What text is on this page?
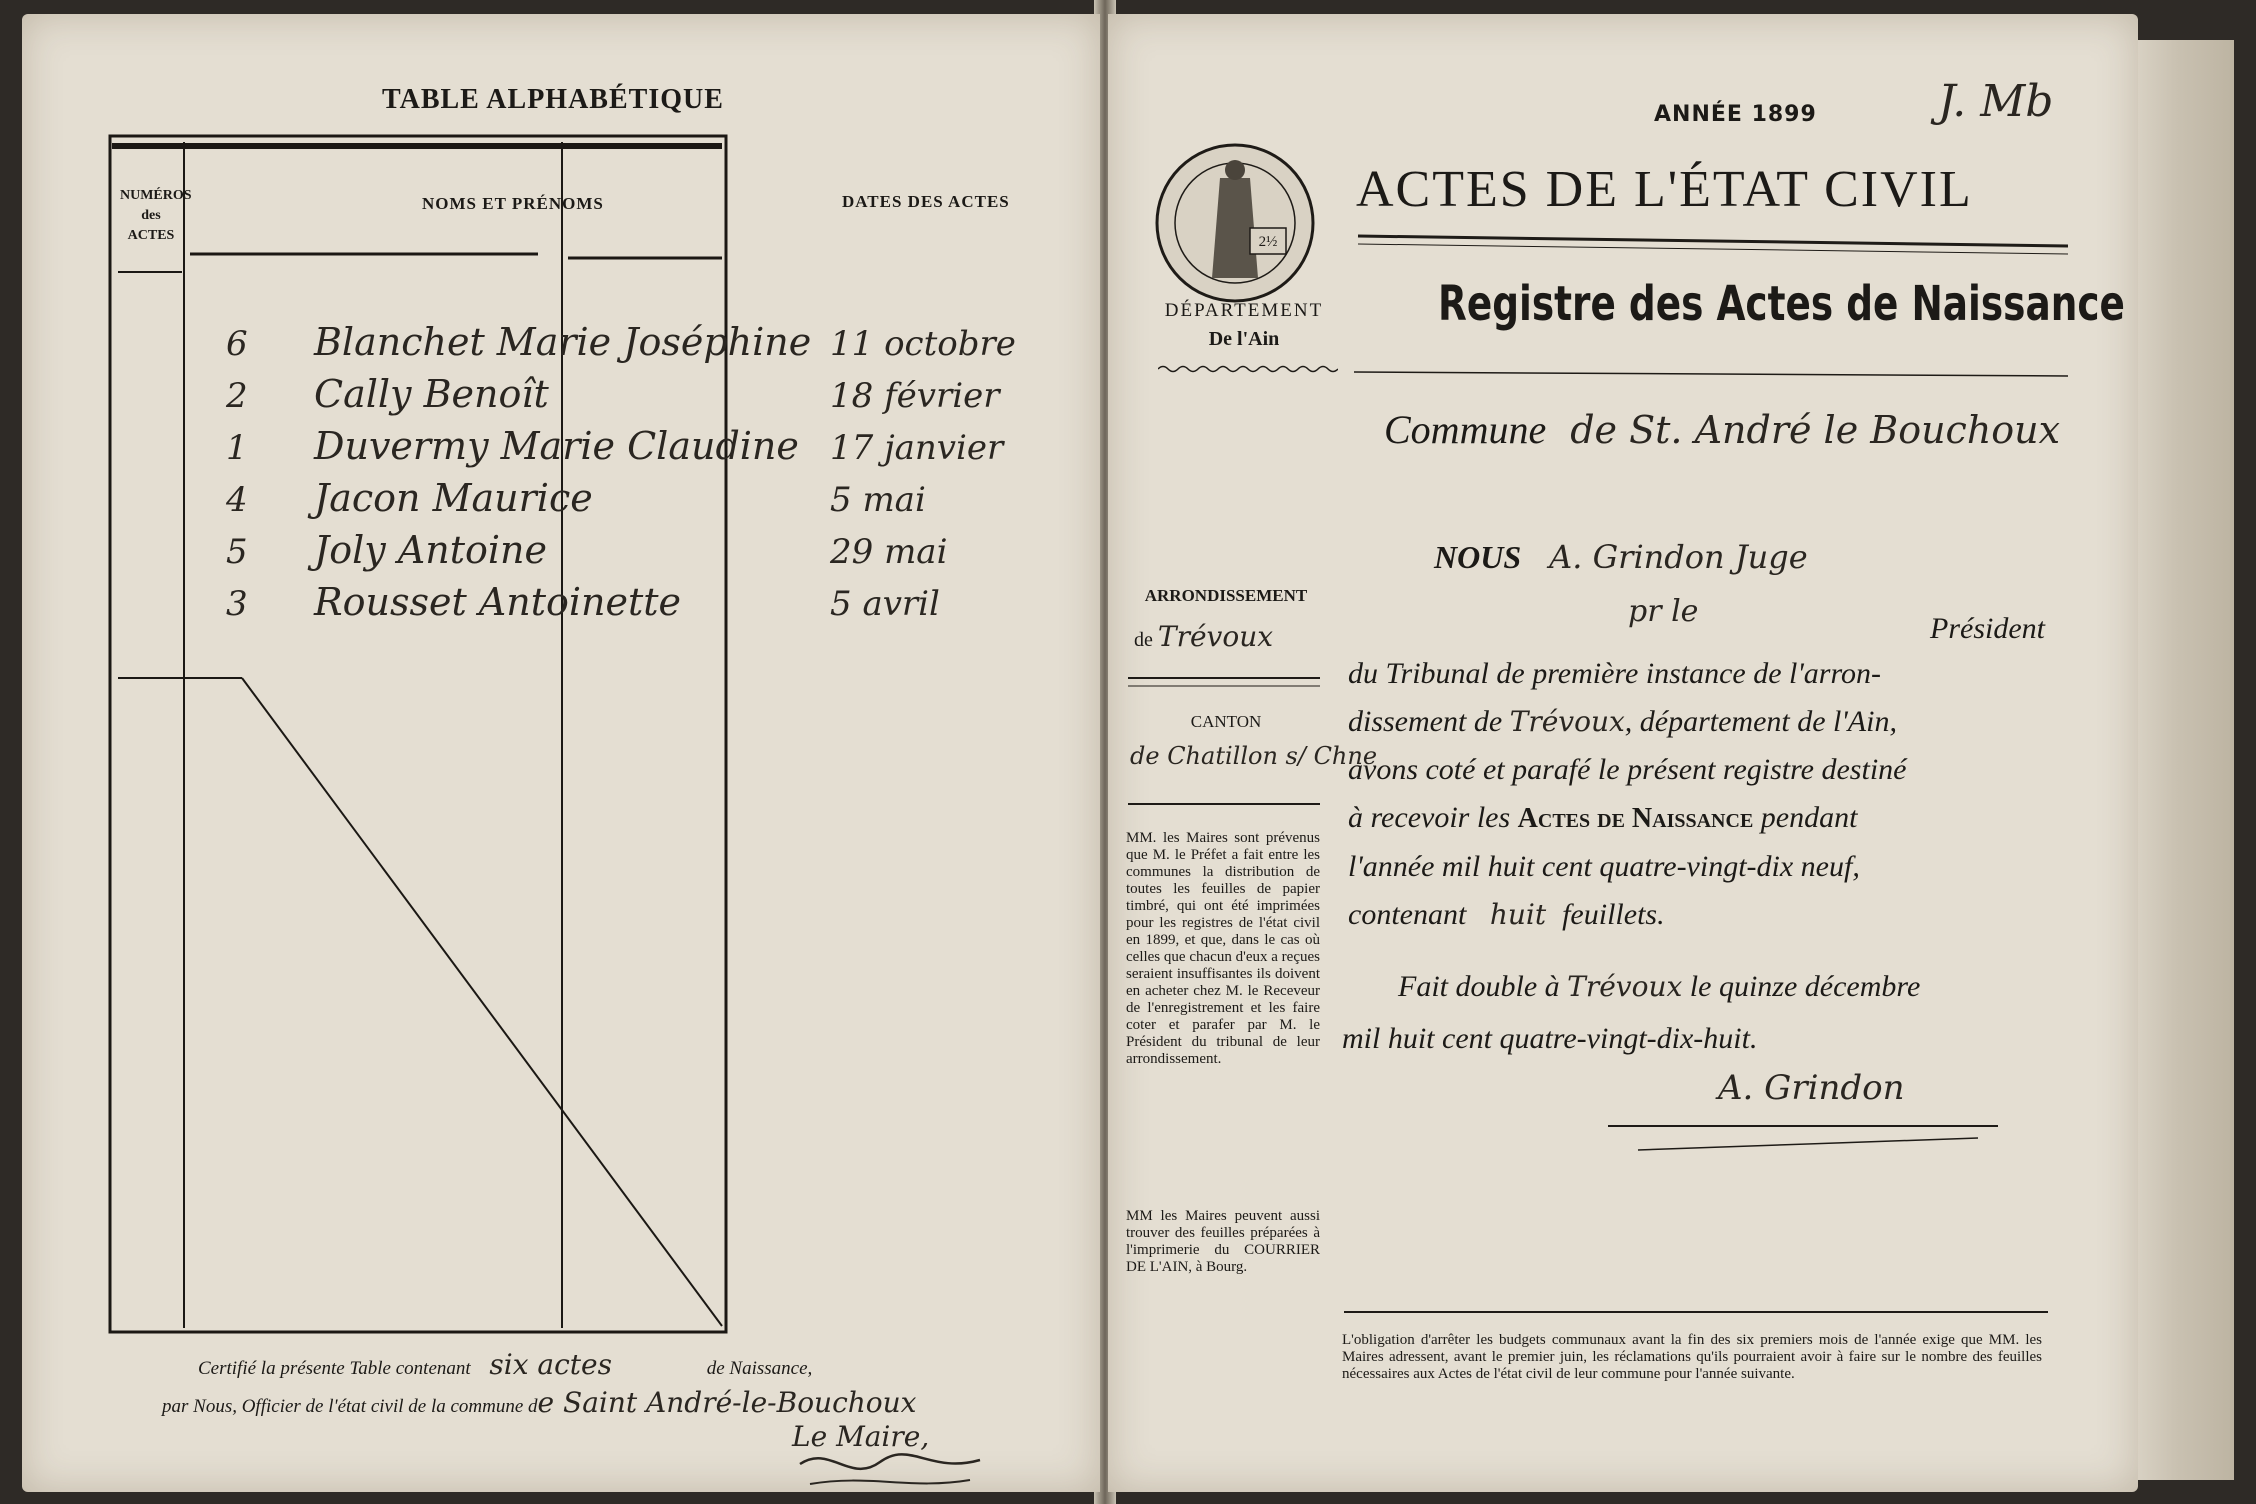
TABLE ALPHABÉTIQUE
NUMÉROS
des
ACTES
NOMS ET PRÉNOMS	DATES DES ACTES
6 Blanchet Marie Joséphine 11 octobre
2 Cally Benoît	18 février
1 Duvermy Marie Claudine 17 janvier
4 Jacon Maurice	5 mai
5 Joly Antoine	29 mai
3 Rousset Antoinette	5 avril
Certifié la présente Table contenant six actes	de Naissance,
par Nous, Officier de l'état civil de la commune de Saint André-le-Bouchoux
Le Maire,
J. Mb
ANNÉE 1899
2½
DÉPARTEMENT
De l'Ain
ACTES DE L'ÉTAT CIVIL
Registre des Actes de Naissance
Commune de St. André le Bouchoux
NOUS A. Grindon Juge
pr le	Président
du Tribunal de première instance de l'arron-
dissement de Trévoux, département de l'Ain,
avons coté et parafé le présent registre destiné
à recevoir les Actes de Naissance pendant
l'année mil huit cent quatre-vingt-dix neuf,
contenant huit feuillets.
Fait double à Trévoux le quinze décembre
mil huit cent quatre-vingt-dix-huit.
A. Grindon
ARRONDISSEMENT
de Trévoux
CANTON
de Chatillon s/ Chne
MM. les Maires sont prévenus que M. le Préfet a fait entre les communes la distribution de toutes les feuilles de papier timbré, qui ont été imprimées pour les registres de l'état civil en 1899, et que, dans le cas où celles que chacun d'eux a reçues seraient insuffisantes ils doivent en acheter chez M. le Receveur de l'enregistrement et les faire coter et parafer par M. le Président du tribunal de leur arrondissement.
MM les Maires peuvent aussi trouver des feuilles préparées à l'imprimerie du COURRIER DE L'AIN, à Bourg.
L'obligation d'arrêter les budgets communaux avant la fin des six premiers mois de l'année exige que MM. les Maires adressent, avant le premier juin, les réclamations qu'ils pourraient avoir à faire sur le nombre des feuilles nécessaires aux Actes de l'état civil de leur commune pour l'année suivante.
